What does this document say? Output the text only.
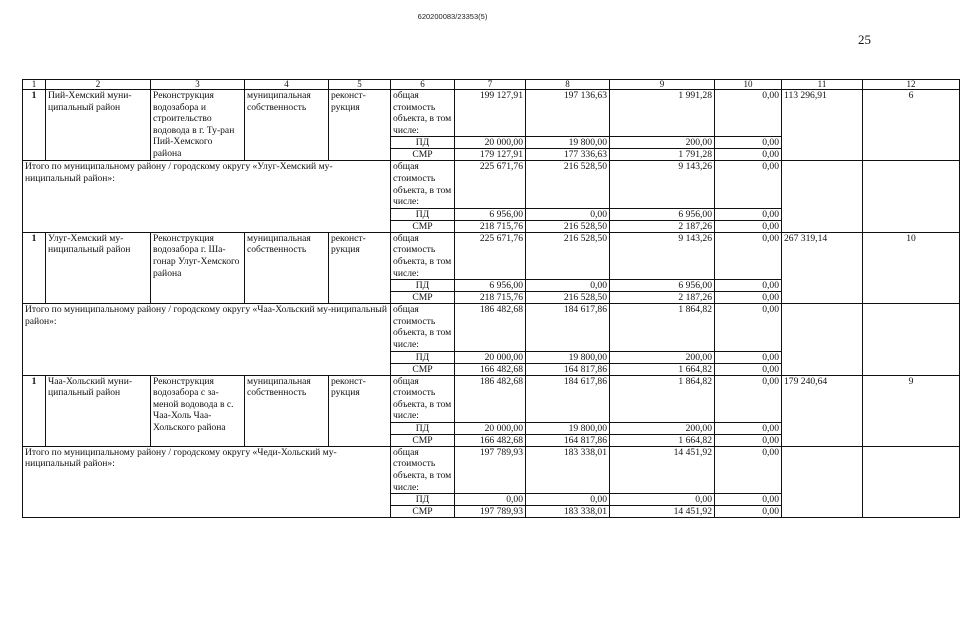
620200083/23353(5)
25
1	2	3	4	5	6	7	8	9	10	11	12
1	Пий-Хемский муни-ципальный район	Реконструкция водозабора и строительство водовода в г. Ту-ран Пий-Хемского района	муниципальная собственность	реконст-рукция	общая стоимость объекта, в том числе:	199 127,91	197 136,63	1 991,28	0,00	113 296,91	6
					ПД	20 000,00	19 800,00	200,00	0,00		
					СМР	179 127,91	177 336,63	1 791,28	0,00		
Итого по муниципальному району / городскому округу «Улуг-Хемский му-ниципальный район»:					общая стоимость объекта, в том числе:	225 671,76	216 528,50	9 143,26	0,00		
					ПД	6 956,00	0,00	6 956,00	0,00		
					СМР	218 715,76	216 528,50	2 187,26	0,00		
1	Улуг-Хемский му-ниципальный район	Реконструкция водозабора г. Ша-гонар Улуг-Хемского района	муниципальная собственность	реконст-рукция	общая стоимость объекта, в том числе:	225 671,76	216 528,50	9 143,26	0,00	267 319,14	10
					ПД	6 956,00	0,00	6 956,00	0,00		
					СМР	218 715,76	216 528,50	2 187,26	0,00		
Итого по муниципальному району / городскому округу «Чаа-Хольский му-ниципальный район»:					общая стоимость объекта, в том числе:	186 482,68	184 617,86	1 864,82	0,00		
					ПД	20 000,00	19 800,00	200,00	0,00		
					СМР	166 482,68	164 817,86	1 664,82	0,00		
1	Чаа-Хольский муни-ципальный район	Реконструкция водозабора с за-меной водовода в с. Чаа-Холь Чаа-Хольского района	муниципальная собственность	реконст-рукция	общая стоимость объекта, в том числе:	186 482,68	184 617,86	1 864,82	0,00	179 240,64	9
					ПД	20 000,00	19 800,00	200,00	0,00		
					СМР	166 482,68	164 817,86	1 664,82	0,00		
Итого по муниципальному району / городскому округу «Чеди-Хольский му-ниципальный район»:					общая стоимость объекта, в том числе:	197 789,93	183 338,01	14 451,92	0,00		
					ПД	0,00	0,00	0,00	0,00		
					СМР	197 789,93	183 338,01	14 451,92	0,00		
